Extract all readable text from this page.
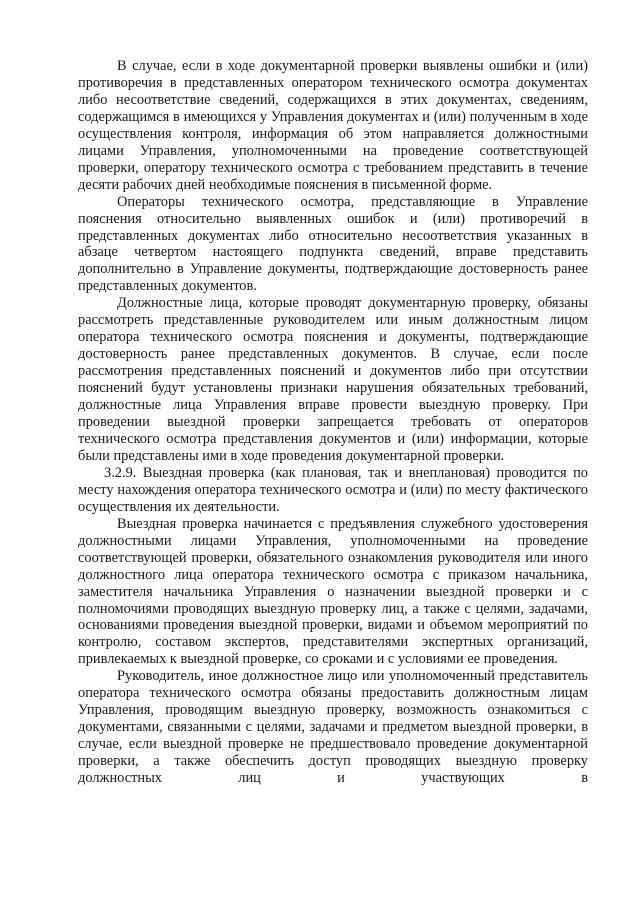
В случае, если в ходе документарной проверки выявлены ошибки и (или) противоречия в представленных оператором технического осмотра документах либо несоответствие сведений, содержащихся в этих документах, сведениям, содержащимся в имеющихся у Управления документах и (или) полученным в ходе осуществления контроля, информация об этом направляется должностными лицами Управления, уполномоченными на проведение соответствующей проверки, оператору технического осмотра с требованием представить в течение десяти рабочих дней необходимые пояснения в письменной форме.

Операторы технического осмотра, представляющие в Управление пояснения относительно выявленных ошибок и (или) противоречий в представленных документах либо относительно несоответствия указанных в абзаце четвертом настоящего подпункта сведений, вправе представить дополнительно в Управление документы, подтверждающие достоверность ранее представленных документов.

Должностные лица, которые проводят документарную проверку, обязаны рассмотреть представленные руководителем или иным должностным лицом оператора технического осмотра пояснения и документы, подтверждающие достоверность ранее представленных документов. В случае, если после рассмотрения представленных пояснений и документов либо при отсутствии пояснений будут установлены признаки нарушения обязательных требований, должностные лица Управления вправе провести выездную проверку. При проведении выездной проверки запрещается требовать от операторов технического осмотра представления документов и (или) информации, которые были представлены ими в ходе проведения документарной проверки.

3.2.9. Выездная проверка (как плановая, так и внеплановая) проводится по месту нахождения оператора технического осмотра и (или) по месту фактического осуществления их деятельности.

Выездная проверка начинается с предъявления служебного удостоверения должностными лицами Управления, уполномоченными на проведение соответствующей проверки, обязательного ознакомления руководителя или иного должностного лица оператора технического осмотра с приказом начальника, заместителя начальника Управления о назначении выездной проверки и с полномочиями проводящих выездную проверку лиц, а также с целями, задачами, основаниями проведения выездной проверки, видами и объемом мероприятий по контролю, составом экспертов, представителями экспертных организаций, привлекаемых к выездной проверке, со сроками и с условиями ее проведения.

Руководитель, иное должностное лицо или уполномоченный представитель оператора технического осмотра обязаны предоставить должностным лицам Управления, проводящим выездную проверку, возможность ознакомиться с документами, связанными с целями, задачами и предметом выездной проверки, в случае, если выездной проверке не предшествовало проведение документарной проверки, а также обеспечить доступ проводящих выездную проверку должностных лиц и участвующих в
